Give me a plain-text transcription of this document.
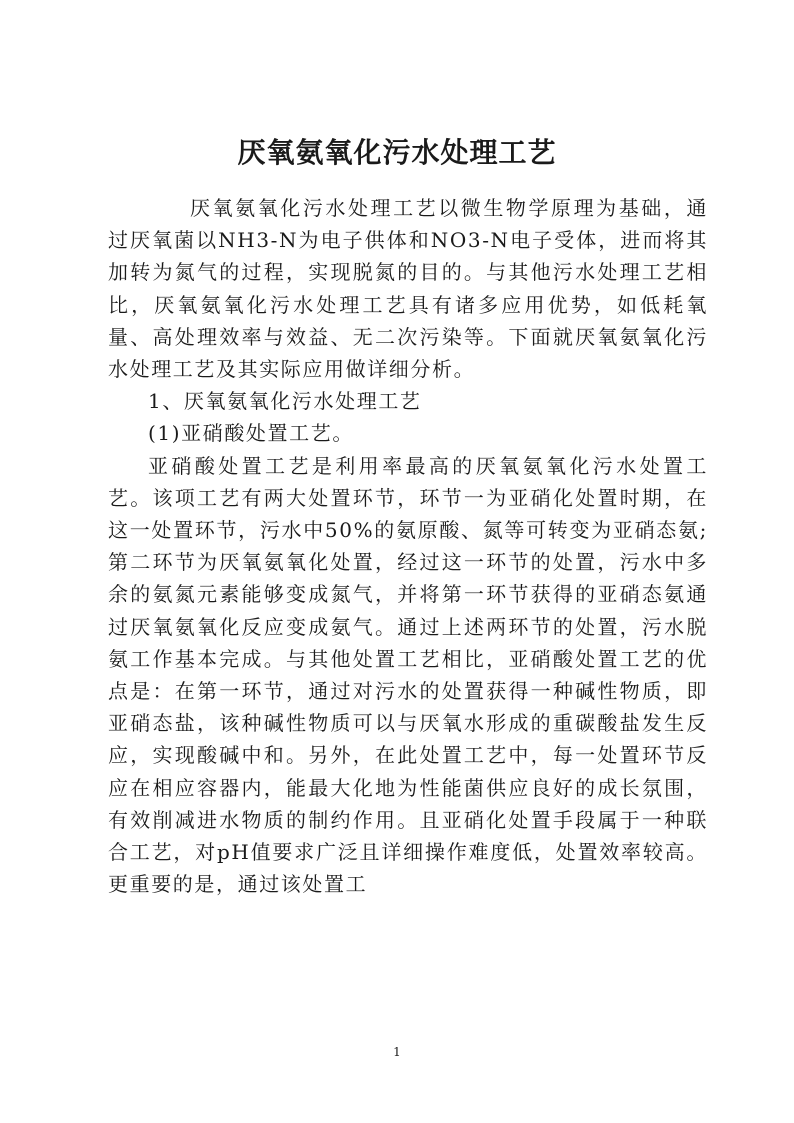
厌氧氨氧化污水处理工艺

厌氧氨氧化污水处理工艺以微生物学原理为基础，通过厌氧菌以NH3-N为电子供体和NO3-N电子受体，进而将其加转为氮气的过程，实现脱氮的目的。与其他污水处理工艺相比，厌氧氨氧化污水处理工艺具有诸多应用优势，如低耗氧量、高处理效率与效益、无二次污染等。下面就厌氧氨氧化污水处理工艺及其实际应用做详细分析。

1、厌氧氨氧化污水处理工艺

(1)亚硝酸处置工艺。

亚硝酸处置工艺是利用率最高的厌氧氨氧化污水处置工艺。该项工艺有两大处置环节，环节一为亚硝化处置时期，在这一处置环节，污水中50%的氨原酸、氮等可转变为亚硝态氨;第二环节为厌氧氨氧化处置，经过这一环节的处置，污水中多余的氨氮元素能够变成氮气，并将第一环节获得的亚硝态氨通过厌氧氨氧化反应变成氨气。通过上述两环节的处置，污水脱氨工作基本完成。与其他处置工艺相比，亚硝酸处置工艺的优点是：在第一环节，通过对污水的处置获得一种碱性物质，即亚硝态盐，该种碱性物质可以与厌氧水形成的重碳酸盐发生反应，实现酸碱中和。另外，在此处置工艺中，每一处置环节反应在相应容器内，能最大化地为性能菌供应良好的成长氛围，有效削减进水物质的制约作用。且亚硝化处置手段属于一种联合工艺，对pH值要求广泛且详细操作难度低，处置效率较高。更重要的是，通过该处置工

1
